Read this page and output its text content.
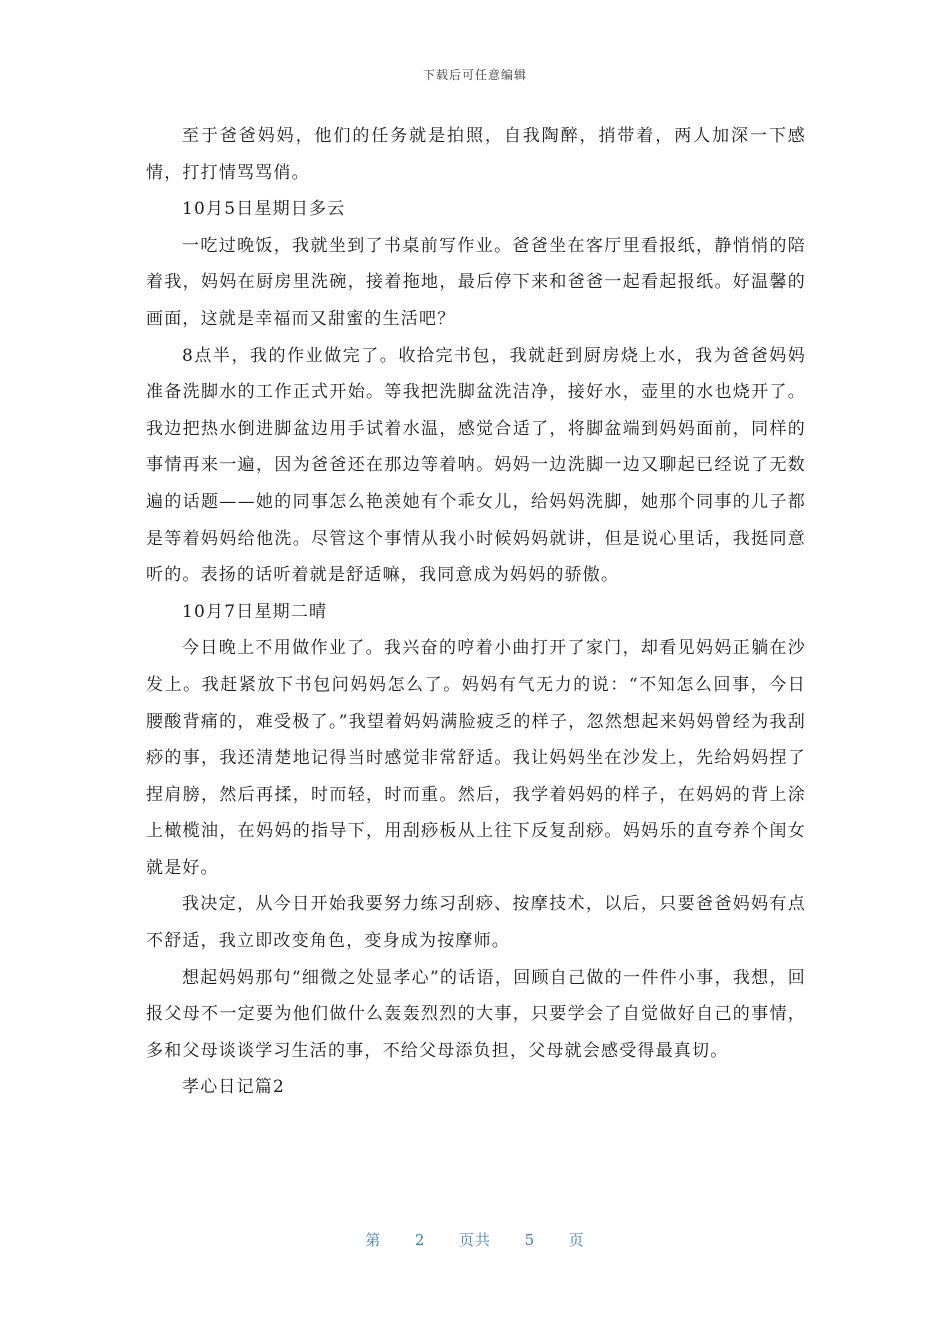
下载后可任意编辑

至于爸爸妈妈，他们的任务就是拍照，自我陶醉，捎带着，两人加深一下感情，打打情骂骂俏。

10月5日星期日多云

一吃过晚饭，我就坐到了书桌前写作业。爸爸坐在客厅里看报纸，静悄悄的陪着我，妈妈在厨房里洗碗，接着拖地，最后停下来和爸爸一起看起报纸。好温馨的画面，这就是幸福而又甜蜜的生活吧？

8点半，我的作业做完了。收拾完书包，我就赶到厨房烧上水，我为爸爸妈妈准备洗脚水的工作正式开始。等我把洗脚盆洗洁净，接好水，壶里的水也烧开了。我边把热水倒进脚盆边用手试着水温，感觉合适了，将脚盆端到妈妈面前，同样的事情再来一遍，因为爸爸还在那边等着呐。妈妈一边洗脚一边又聊起已经说了无数遍的话题——她的同事怎么艳羡她有个乖女儿，给妈妈洗脚，她那个同事的儿子都是等着妈妈给他洗。尽管这个事情从我小时候妈妈就讲，但是说心里话，我挺同意听的。表扬的话听着就是舒适嘛，我同意成为妈妈的骄傲。

10月7日星期二晴

今日晚上不用做作业了。我兴奋的哼着小曲打开了家门，却看见妈妈正躺在沙发上。我赶紧放下书包问妈妈怎么了。妈妈有气无力的说：“不知怎么回事，今日腰酸背痛的，难受极了。”我望着妈妈满脸疲乏的样子，忽然想起来妈妈曾经为我刮痧的事，我还清楚地记得当时感觉非常舒适。我让妈妈坐在沙发上，先给妈妈捏了捏肩膀，然后再揉，时而轻，时而重。然后，我学着妈妈的样子，在妈妈的背上涂上橄榄油，在妈妈的指导下，用刮痧板从上往下反复刮痧。妈妈乐的直夸养个闺女就是好。

我决定，从今日开始我要努力练习刮痧、按摩技术，以后，只要爸爸妈妈有点不舒适，我立即改变角色，变身成为按摩师。

想起妈妈那句“细微之处显孝心”的话语，回顾自己做的一件件小事，我想，回报父母不一定要为他们做什么轰轰烈烈的大事，只要学会了自觉做好自己的事情，多和父母谈谈学习生活的事，不给父母添负担，父母就会感受得最真切。

孝心日记篇2

第 2 页共 5 页
